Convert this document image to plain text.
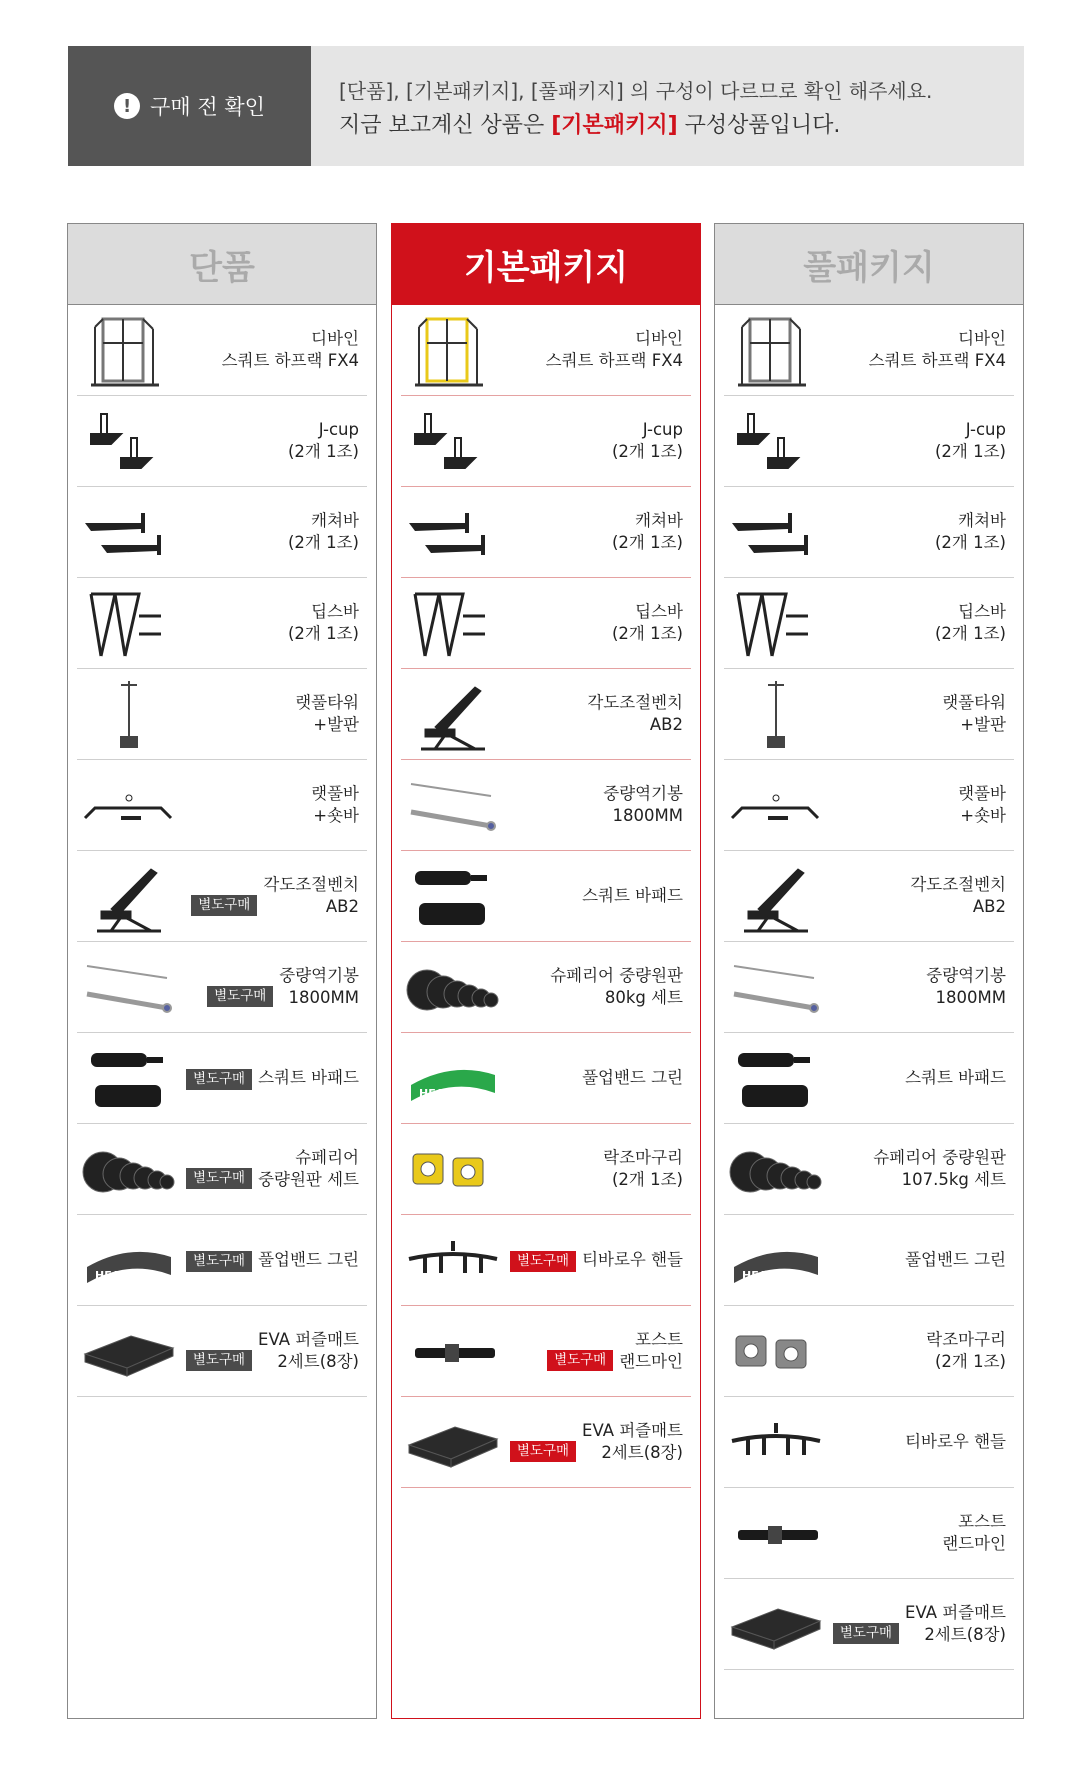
! 구매 전 확인
[단품], [기본패키지], [풀패키지] 의 구성이 다르므로 확인 해주세요.
지금 보고계신 상품은 [기본패키지] 구성상품입니다.
단품
디바인
스쿼트 하프랙 FX4
J-cup
(2개 1조)
캐쳐바
(2개 1조)
딥스바
(2개 1조)
랫풀타워
+발판
랫풀바
+숏바
각도조절벤치
AB2
별도구매
중량역기봉
1800MM
별도구매
스쿼트 바패드
별도구매
슈페리어
중량원판 세트
별도구매
HEALTH
풀업밴드 그린
별도구매
EVA 퍼즐매트
2세트(8장)
별도구매
기본패키지
디바인
스쿼트 하프랙 FX4
J-cup
(2개 1조)
캐쳐바
(2개 1조)
딥스바
(2개 1조)
각도조절벤치
AB2
중량역기봉
1800MM
스쿼트 바패드
슈페리어 중량원판
80kg 세트
HEALTH
풀업밴드 그린
락조마구리
(2개 1조)
티바로우 핸들
별도구매
포스트
랜드마인
별도구매
EVA 퍼즐매트
2세트(8장)
별도구매
풀패키지
디바인
스쿼트 하프랙 FX4
J-cup
(2개 1조)
캐쳐바
(2개 1조)
딥스바
(2개 1조)
랫풀타워
+발판
랫풀바
+숏바
각도조절벤치
AB2
중량역기봉
1800MM
스쿼트 바패드
슈페리어 중량원판
107.5kg 세트
HEALTH
풀업밴드 그린
락조마구리
(2개 1조)
티바로우 핸들
포스트
랜드마인
EVA 퍼즐매트
2세트(8장)
별도구매
